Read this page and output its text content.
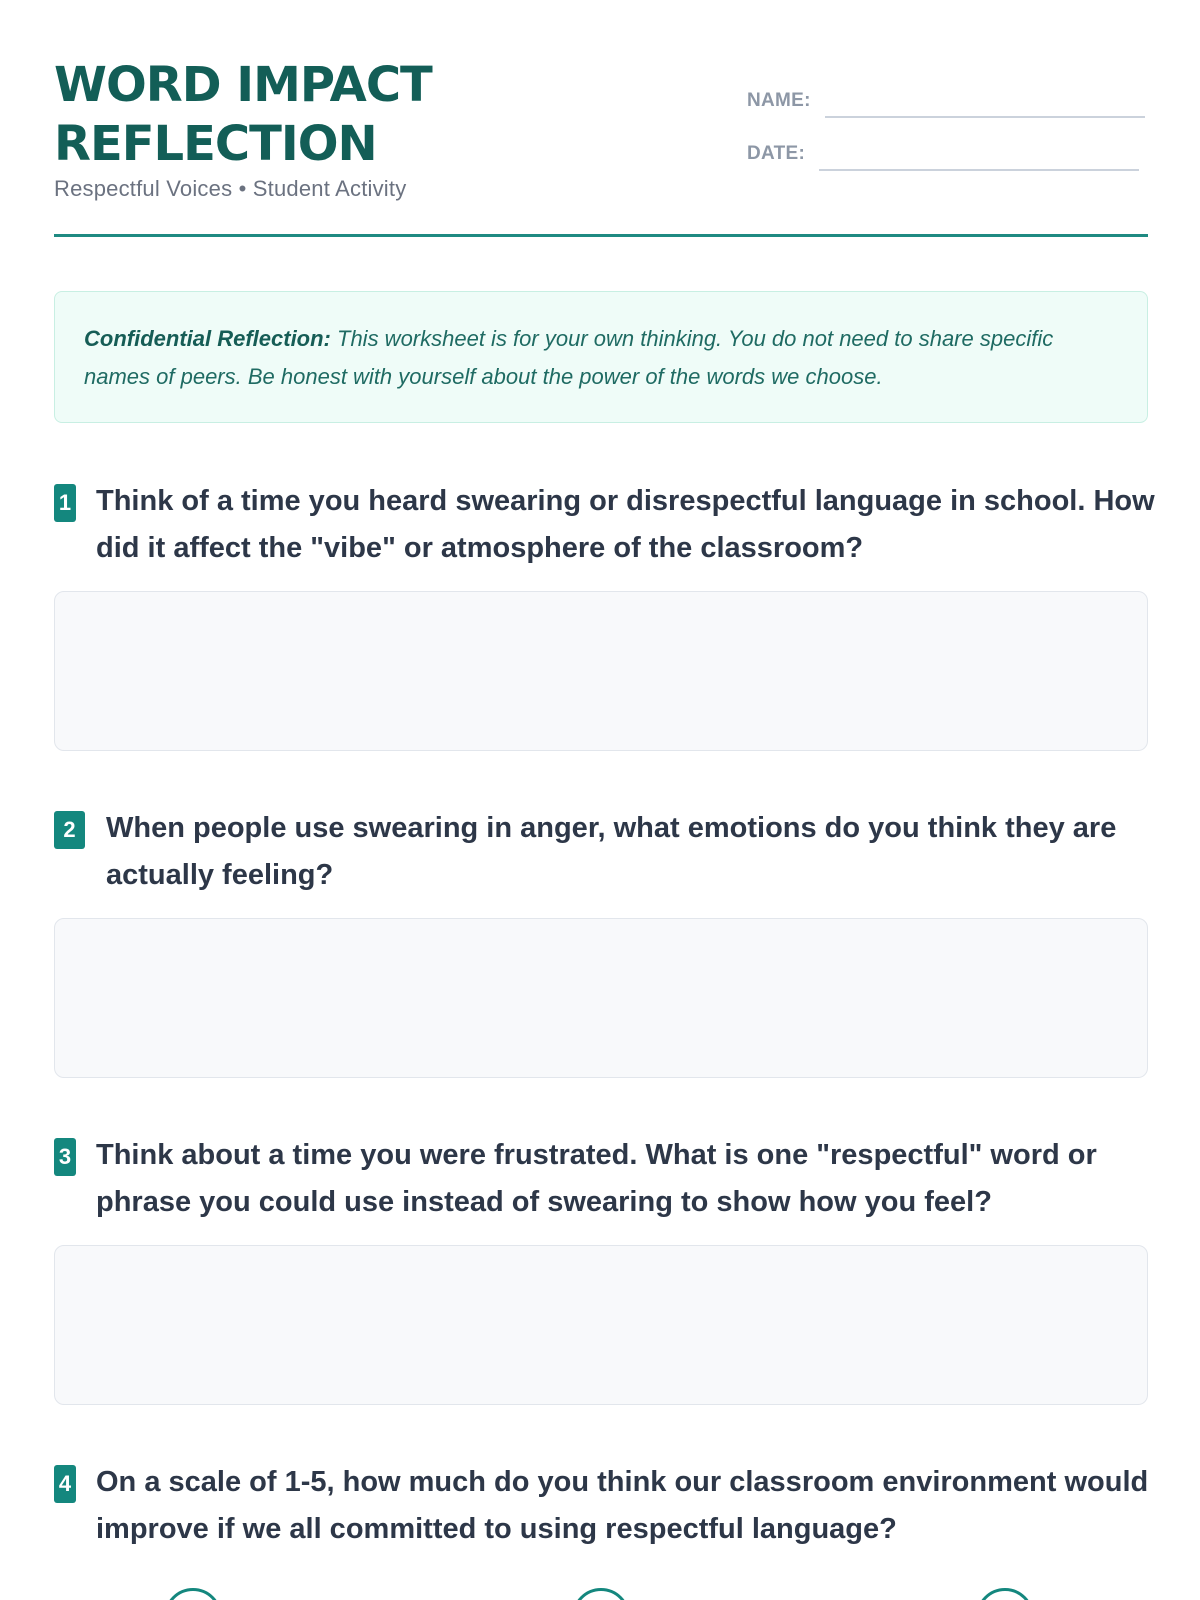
WORD IMPACT
REFLECTION
Respectful Voices • Student Activity
NAME:
DATE:
Confidential Reflection: This worksheet is for your own thinking. You do not need to share specific names of peers. Be honest with yourself about the power of the words we choose.
1 Think of a time you heard swearing or disrespectful language in school. How did it affect the "vibe" or atmosphere of the classroom?

2	When people use swearing in anger, what emotions do you think they are actually feeling?

3 Think about a time you were frustrated. What is one "respectful" word or phrase you could use instead of swearing to show how you feel?

4 On a scale of 1-5, how much do you think our classroom environment would improve if we all committed to using respectful language?
